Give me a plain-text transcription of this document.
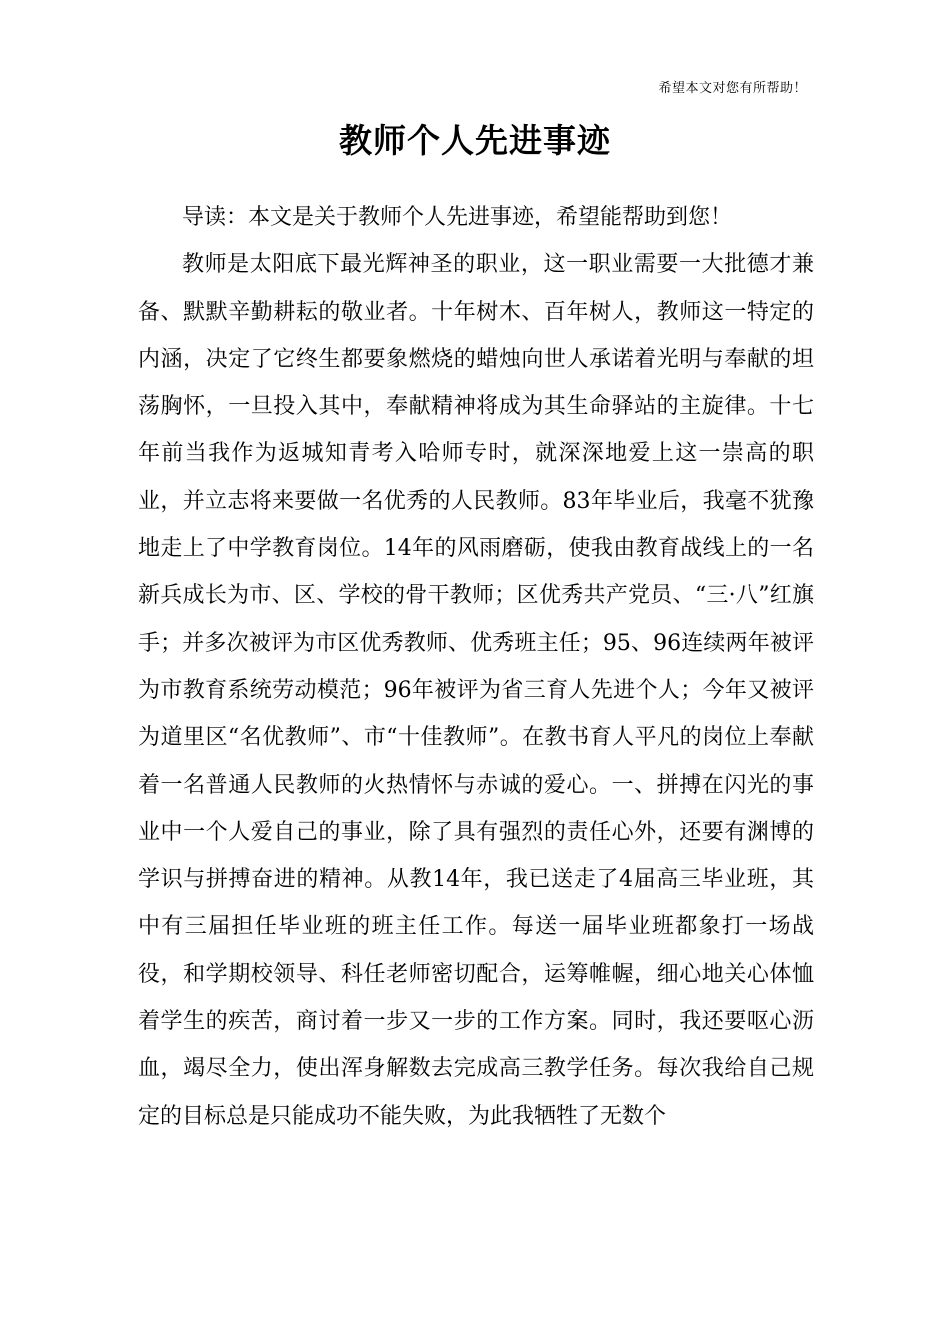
希望本文对您有所帮助！
教师个人先进事迹

导读：本文是关于教师个人先进事迹，希望能帮助到您！

教师是太阳底下最光辉神圣的职业，这一职业需要一大批德才兼备、默默辛勤耕耘的敬业者。十年树木、百年树人，教师这一特定的内涵，决定了它终生都要象燃烧的蜡烛向世人承诺着光明与奉献的坦荡胸怀，一旦投入其中，奉献精神将成为其生命驿站的主旋律。十七年前当我作为返城知青考入哈师专时，就深深地爱上这一崇高的职业，并立志将来要做一名优秀的人民教师。83年毕业后，我毫不犹豫地走上了中学教育岗位。14年的风雨磨砺，使我由教育战线上的一名新兵成长为市、区、学校的骨干教师；区优秀共产党员、“三·八”红旗手；并多次被评为市区优秀教师、优秀班主任；95、96连续两年被评为市教育系统劳动模范；96年被评为省三育人先进个人；今年又被评为道里区“名优教师”、市“十佳教师”。在教书育人平凡的岗位上奉献着一名普通人民教师的火热情怀与赤诚的爱心。一、拼搏在闪光的事业中一个人爱自己的事业，除了具有强烈的责任心外，还要有渊博的学识与拼搏奋进的精神。从教14年，我已送走了4届高三毕业班，其中有三届担任毕业班的班主任工作。每送一届毕业班都象打一场战役，和学期校领导、科任老师密切配合，运筹帷幄，细心地关心体恤着学生的疾苦，商讨着一步又一步的工作方案。同时，我还要呕心沥血，竭尽全力，使出浑身解数去完成高三教学任务。每次我给自己规定的目标总是只能成功不能失败，为此我牺牲了无数个
